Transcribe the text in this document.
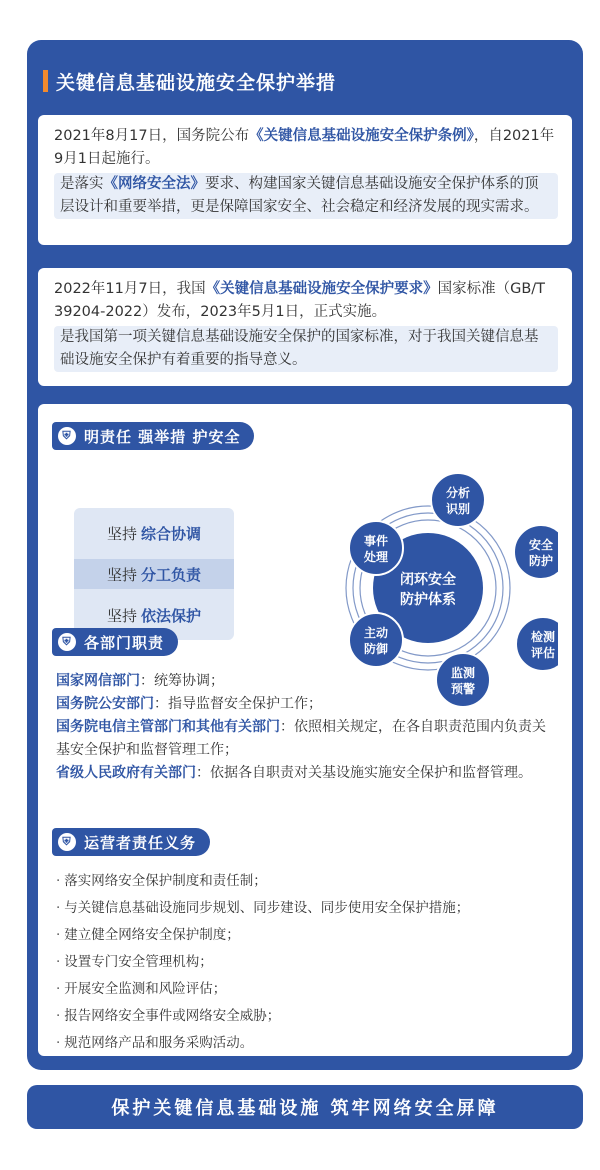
关键信息基础设施安全保护举措
2021年8月17日，国务院公布《关键信息基础设施安全保护条例》，自2021年9月1日起施行。
是落实《网络安全法》要求、构建国家关键信息基础设施安全保护体系的顶层设计和重要举措，更是保障国家安全、社会稳定和经济发展的现实需求。
2022年11月7日，我国《关键信息基础设施安全保护要求》国家标准（GB/T 39204-2022）发布，2023年5月1日，正式实施。
是我国第一项关键信息基础设施安全保护的国家标准，对于我国关键信息基础设施安全保护有着重要的指导意义。
⛨ 明责任 强举措 护安全
坚持 综合协调
坚持 分工负责
坚持 依法保护
闭环安全
防护体系
分析
识别
安全
防护
检测
评估
监测
预警
主动
防御
事件
处理
⛨ 各部门职责
国家网信部门：统筹协调；
国务院公安部门：指导监督安全保护工作；
国务院电信主管部门和其他有关部门：依照相关规定，在各自职责范围内负责关基安全保护和监督管理工作；
省级人民政府有关部门：依据各自职责对关基设施实施安全保护和监督管理。
⛨ 运营者责任义务
· 落实网络安全保护制度和责任制；
· 与关键信息基础设施同步规划、同步建设、同步使用安全保护措施；
· 建立健全网络安全保护制度；
· 设置专门安全管理机构；
· 开展安全监测和风险评估；
· 报告网络安全事件或网络安全威胁；
· 规范网络产品和服务采购活动。
保护关键信息基础设施 筑牢网络安全屏障
